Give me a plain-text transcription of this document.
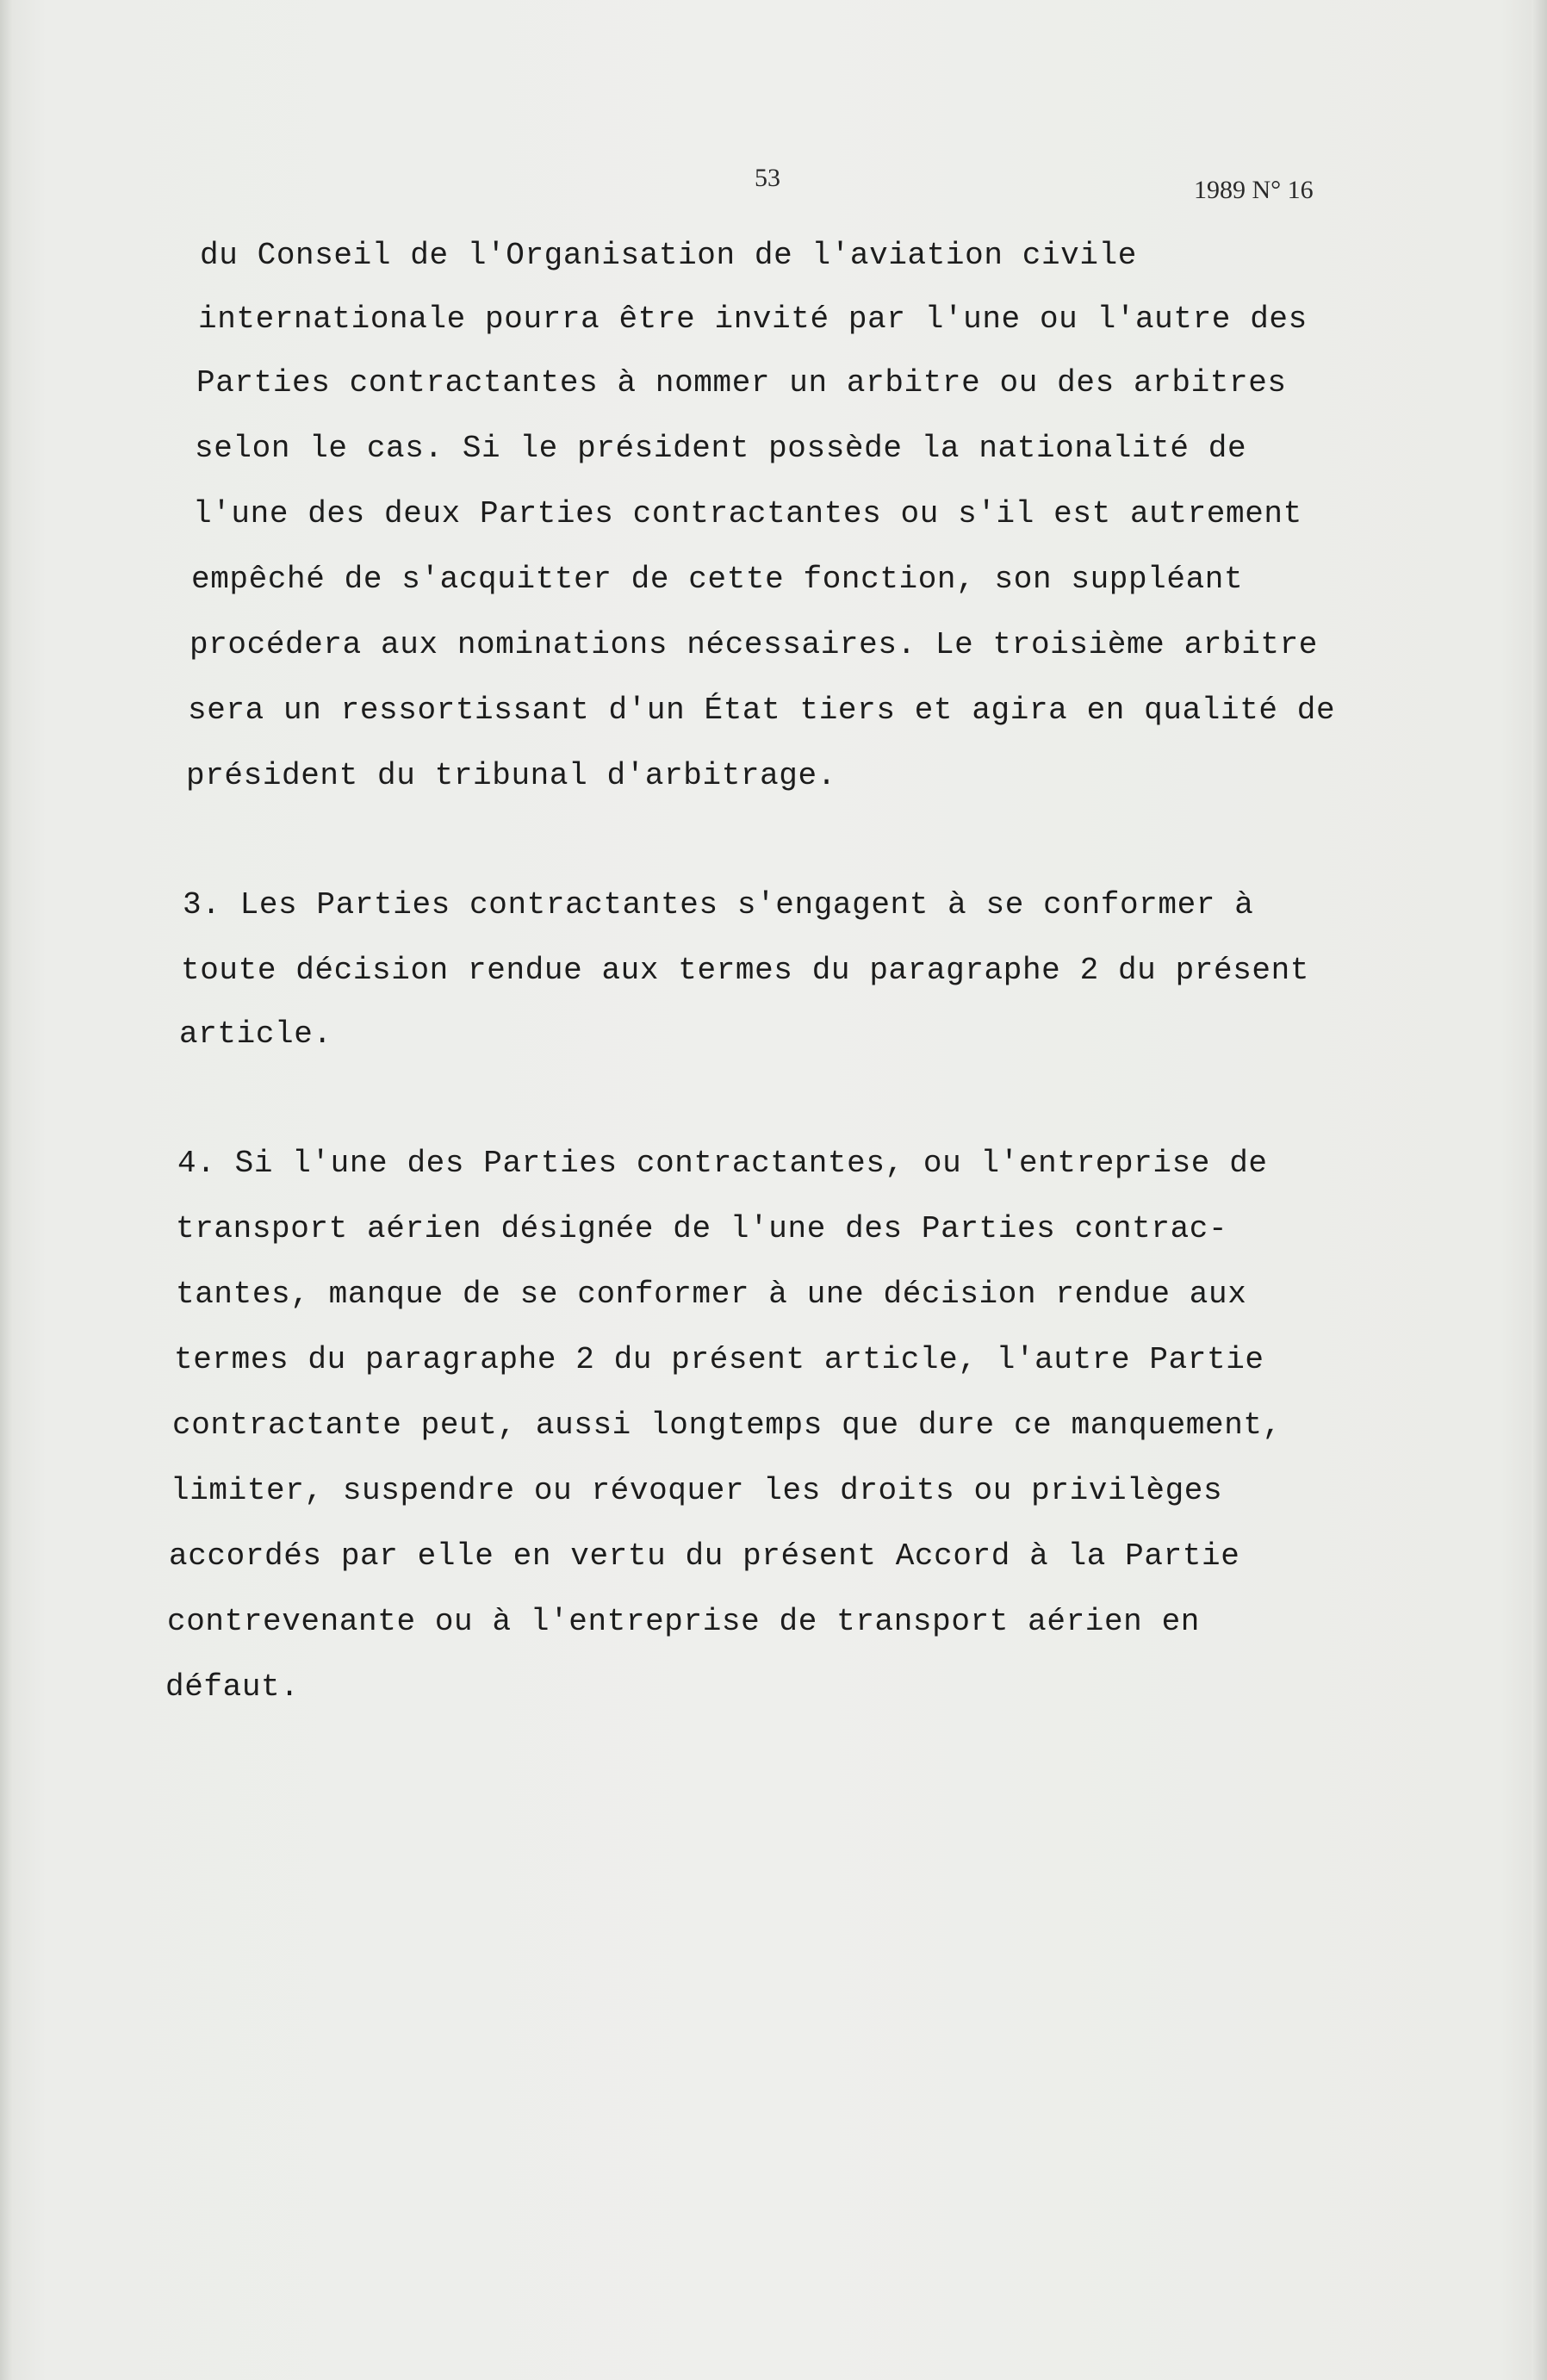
53	1989 N° 16
du Conseil de l'Organisation de l'aviation civile
internationale pourra être invité par l'une ou l'autre des
Parties contractantes à nommer un arbitre ou des arbitres
selon le cas. Si le président possède la nationalité de
l'une des deux Parties contractantes ou s'il est autrement
empêché de s'acquitter de cette fonction, son suppléant
procédera aux nominations nécessaires. Le troisième arbitre
sera un ressortissant d'un État tiers et agira en qualité de
président du tribunal d'arbitrage.
3. Les Parties contractantes s'engagent à se conformer à
toute décision rendue aux termes du paragraphe 2 du présent
article.
4. Si l'une des Parties contractantes, ou l'entreprise de
transport aérien désignée de l'une des Parties contrac-
tantes, manque de se conformer à une décision rendue aux
termes du paragraphe 2 du présent article, l'autre Partie
contractante peut, aussi longtemps que dure ce manquement,
limiter, suspendre ou révoquer les droits ou privilèges
accordés par elle en vertu du présent Accord à la Partie
contrevenante ou à l'entreprise de transport aérien en
défaut.
